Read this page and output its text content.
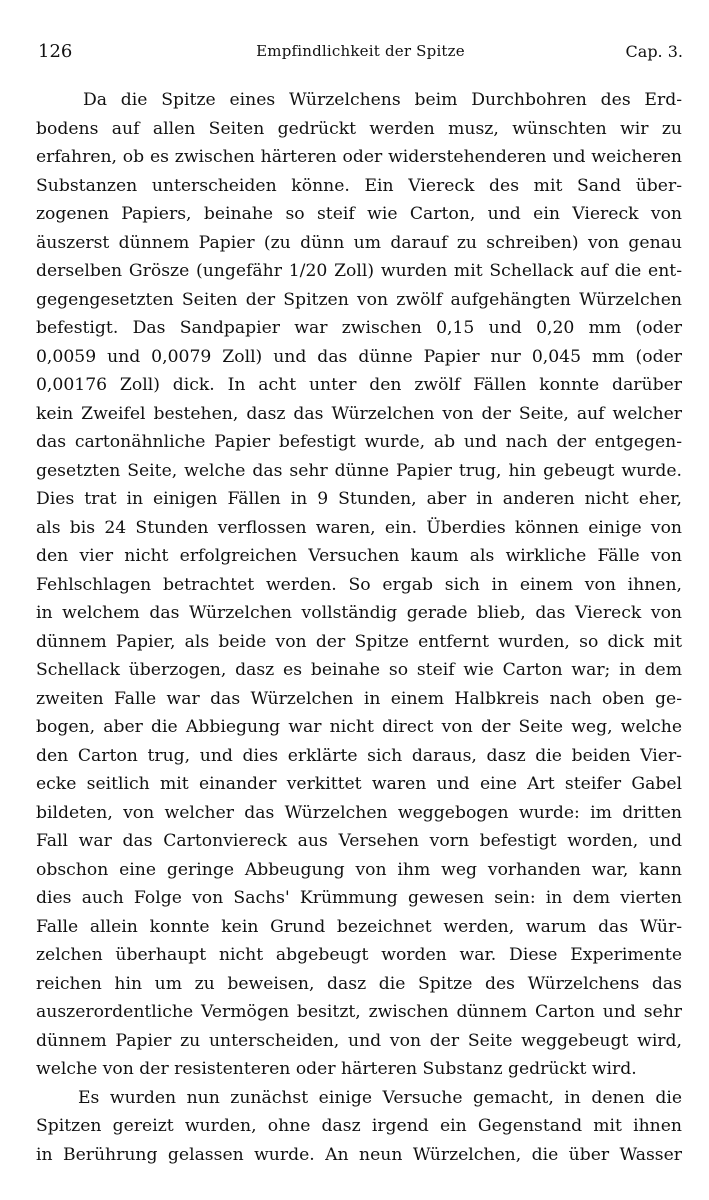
126	Empfindlichkeit der Spitze	Cap. 3.
Da die Spitze eines Würzelchens beim Durchbohren des Erd-
bodens auf allen Seiten gedrückt werden musz, wünschten wir zu
erfahren, ob es zwischen härteren oder widerstehenderen und weicheren
Substanzen unterscheiden könne. Ein Viereck des mit Sand über-
zogenen Papiers, beinahe so steif wie Carton, und ein Viereck von
äuszerst dünnem Papier (zu dünn um darauf zu schreiben) von genau
derselben Grösze (ungefähr 1/20 Zoll) wurden mit Schellack auf die ent-
gegengesetzten Seiten der Spitzen von zwölf aufgehängten Würzelchen
befestigt. Das Sandpapier war zwischen 0,15 und 0,20 mm (oder
0,0059 und 0,0079 Zoll) und das dünne Papier nur 0,045 mm (oder
0,00176 Zoll) dick. In acht unter den zwölf Fällen konnte darüber
kein Zweifel bestehen, dasz das Würzelchen von der Seite, auf welcher
das cartonähnliche Papier befestigt wurde, ab und nach der entgegen-
gesetzten Seite, welche das sehr dünne Papier trug, hin gebeugt wurde.
Dies trat in einigen Fällen in 9 Stunden, aber in anderen nicht eher,
als bis 24 Stunden verflossen waren, ein. Überdies können einige von
den vier nicht erfolgreichen Versuchen kaum als wirkliche Fälle von
Fehlschlagen betrachtet werden. So ergab sich in einem von ihnen,
in welchem das Würzelchen vollständig gerade blieb, das Viereck von
dünnem Papier, als beide von der Spitze entfernt wurden, so dick mit
Schellack überzogen, dasz es beinahe so steif wie Carton war; in dem
zweiten Falle war das Würzelchen in einem Halbkreis nach oben ge-
bogen, aber die Abbiegung war nicht direct von der Seite weg, welche
den Carton trug, und dies erklärte sich daraus, dasz die beiden Vier-
ecke seitlich mit einander verkittet waren und eine Art steifer Gabel
bildeten, von welcher das Würzelchen weggebogen wurde: im dritten
Fall war das Cartonviereck aus Versehen vorn befestigt worden, und
obschon eine geringe Abbeugung von ihm weg vorhanden war, kann
dies auch Folge von Sachs' Krümmung gewesen sein: in dem vierten
Falle allein konnte kein Grund bezeichnet werden, warum das Wür-
zelchen überhaupt nicht abgebeugt worden war. Diese Experimente
reichen hin um zu beweisen, dasz die Spitze des Würzelchens das
auszerordentliche Vermögen besitzt, zwischen dünnem Carton und sehr
dünnem Papier zu unterscheiden, und von der Seite weggebeugt wird,
welche von der resistenteren oder härteren Substanz gedrückt wird.
Es wurden nun zunächst einige Versuche gemacht, in denen die
Spitzen gereizt wurden, ohne dasz irgend ein Gegenstand mit ihnen
in Berührung gelassen wurde. An neun Würzelchen, die über Wasser
